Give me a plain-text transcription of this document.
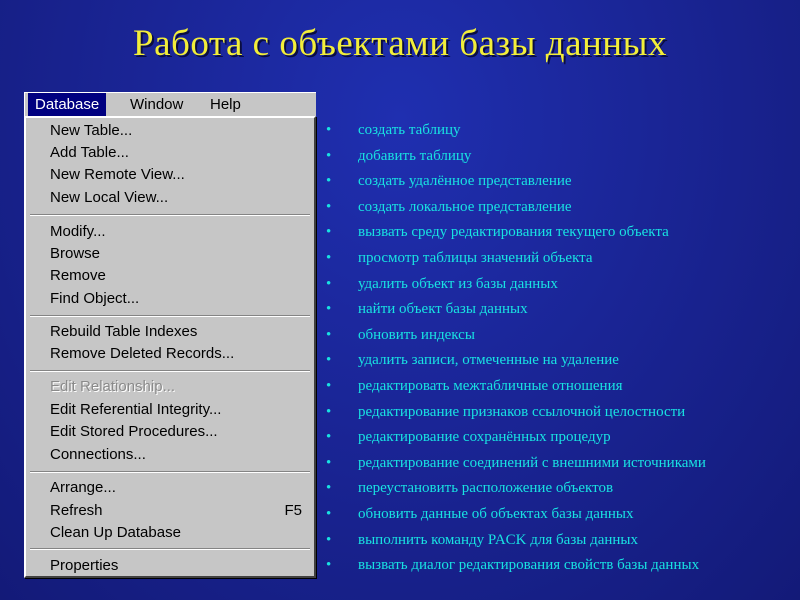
Работа с объектами базы данных
Database	Window	Help
New Table...
Add Table...
New Remote View...
New Local View...
Modify...
Browse
Remove
Find Object...
Rebuild Table Indexes
Remove Deleted Records...
Edit Relationship...
Edit Referential Integrity...
Edit Stored Procedures...
Connections...
Arrange...
Refresh	F5
Clean Up Database
Properties
• создать таблицу
• добавить таблицу
• создать удалённое представление
• создать локальное представление
• вызвать среду редактирования текущего объекта
• просмотр таблицы значений объекта
• удалить объект из базы данных
• найти объект базы данных
• обновить индексы
• удалить записи, отмеченные на удаление
• редактировать межтабличные отношения
• редактирование признаков ссылочной целостности
• редактирование сохранённых процедур
• редактирование соединений с внешними источниками
• переустановить расположение объектов
• обновить данные об объектах базы данных
• выполнить команду PACK для базы данных
• вызвать диалог редактирования свойств базы данных
